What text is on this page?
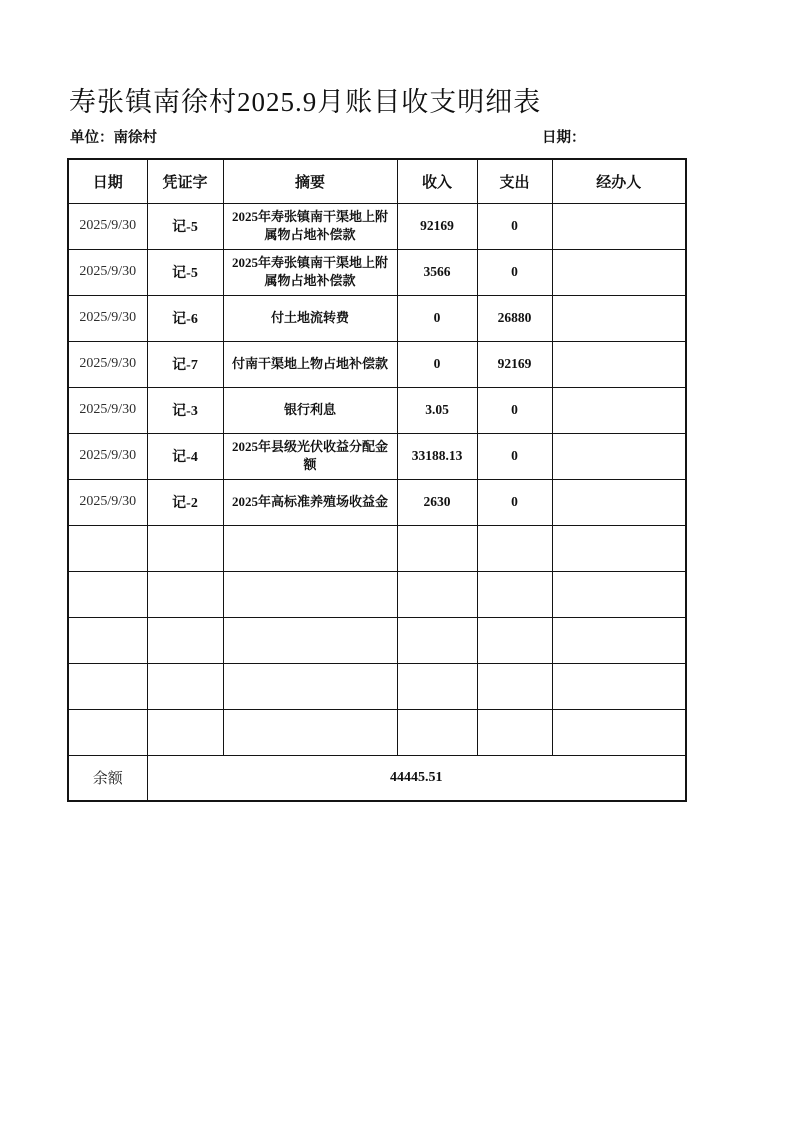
寿张镇南徐村2025.9月账目收支明细表
单位：南徐村	日期：
日期	凭证字	摘要	收入	支出	经办人
2025/9/30	记-5	2025年寿张镇南干渠地上附属物占地补偿款	92169	0	
2025/9/30	记-5	2025年寿张镇南干渠地上附属物占地补偿款	3566	0	
2025/9/30	记-6	付土地流转费	0	26880	
2025/9/30	记-7	付南干渠地上物占地补偿款	0	92169	
2025/9/30	记-3	银行利息	3.05	0	
2025/9/30	记-4	2025年县级光伏收益分配金额	33188.13	0	
2025/9/30	记-2	2025年高标准养殖场收益金	2630	0	

余额	44445.51				
